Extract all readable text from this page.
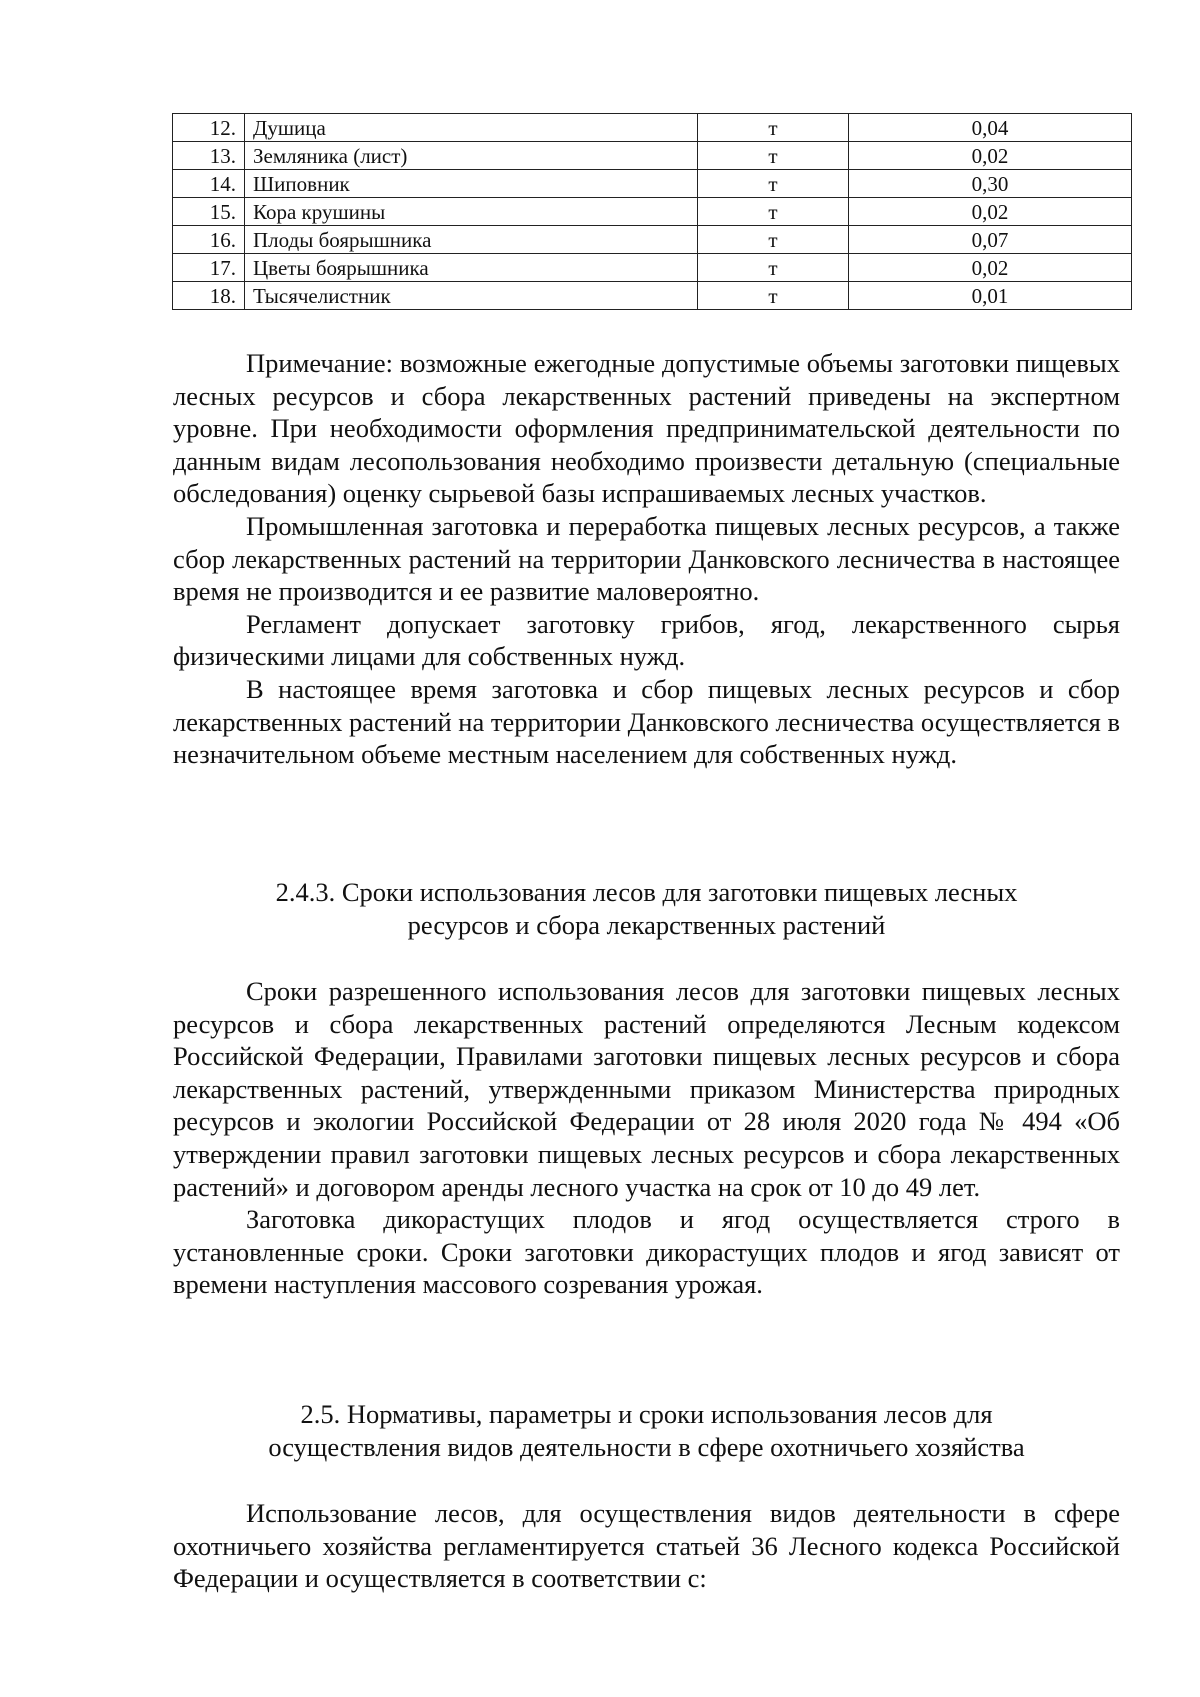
12.	Душица	т	0,04
13.	Земляника (лист)	т	0,02
14.	Шиповник	т	0,30
15.	Кора крушины	т	0,02
16.	Плоды боярышника	т	0,07
17.	Цветы боярышника	т	0,02
18.	Тысячелистник	т	0,01

Примечание: возможные ежегодные допустимые объемы заготовки пищевых лесных ресурсов и сбора лекарственных растений приведены на экспертном уровне. При необходимости оформления предпринимательской деятельности по данным видам лесопользования необходимо произвести детальную (специальные обследования) оценку сырьевой базы испрашиваемых лесных участков.

Промышленная заготовка и переработка пищевых лесных ресурсов, а также сбор лекарственных растений на территории Данковского лесничества в настоящее время не производится и ее развитие маловероятно.

Регламент допускает заготовку грибов, ягод, лекарственного сырья физическими лицами для собственных нужд.

В настоящее время заготовка и сбор пищевых лесных ресурсов и сбор лекарственных растений на территории Данковского лесничества осуществляется в незначительном объеме местным населением для собственных нужд.

2.4.3. Сроки использования лесов для заготовки пищевых лесных
ресурсов и сбора лекарственных растений

Сроки разрешенного использования лесов для заготовки пищевых лесных ресурсов и сбора лекарственных растений определяются Лесным кодексом Российской Федерации, Правилами заготовки пищевых лесных ресурсов и сбора лекарственных растений, утвержденными приказом Министерства природных ресурсов и экологии Российской Федерации от 28 июля 2020 года № 494 «Об утверждении правил заготовки пищевых лесных ресурсов и сбора лекарственных растений» и договором аренды лесного участка на срок от 10 до 49 лет.

Заготовка дикорастущих плодов и ягод осуществляется строго в установленные сроки. Сроки заготовки дикорастущих плодов и ягод зависят от времени наступления массового созревания урожая.

2.5. Нормативы, параметры и сроки использования лесов для
осуществления видов деятельности в сфере охотничьего хозяйства

Использование лесов, для осуществления видов деятельности в сфере охотничьего хозяйства регламентируется статьей 36 Лесного кодекса Российской Федерации и осуществляется в соответствии с:
